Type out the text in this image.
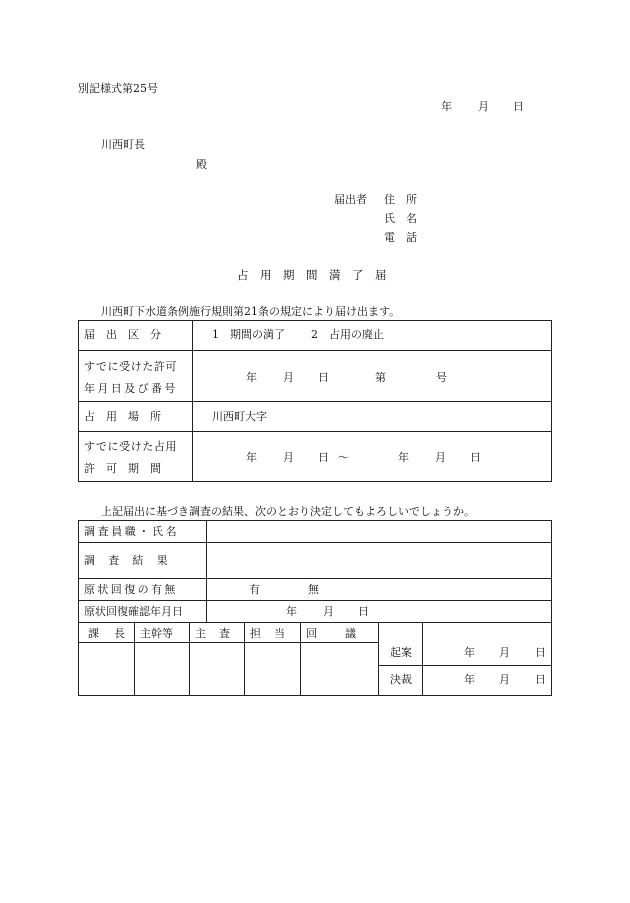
別記様式第25号
年 月 日
川西町長
殿
届出者 住　所
氏　名
電　話
占　用　期　間　満　了　届
川西町下水道条例施行規則第21条の規定により届け出ます。
届　出　区　分	1　期間の満了 2　占用の廃止
すでに受けた許可
年月日及び番号
年 月 日	第	号
占　用　場　所	川西町大字
すでに受けた占用
許　可　期　間
年 月 日 ～	年 月 日
上記届出に基づき調査の結果、次のとおり決定してもよろしいでしょうか。
調査員職・氏名
調　査　結　果
原状回復の有無	有	無
原状回復確認年月日	年 月 日
課　長 主幹等 主　査 担　当 回　　議
起案	年 月 日
決裁	年 月 日
